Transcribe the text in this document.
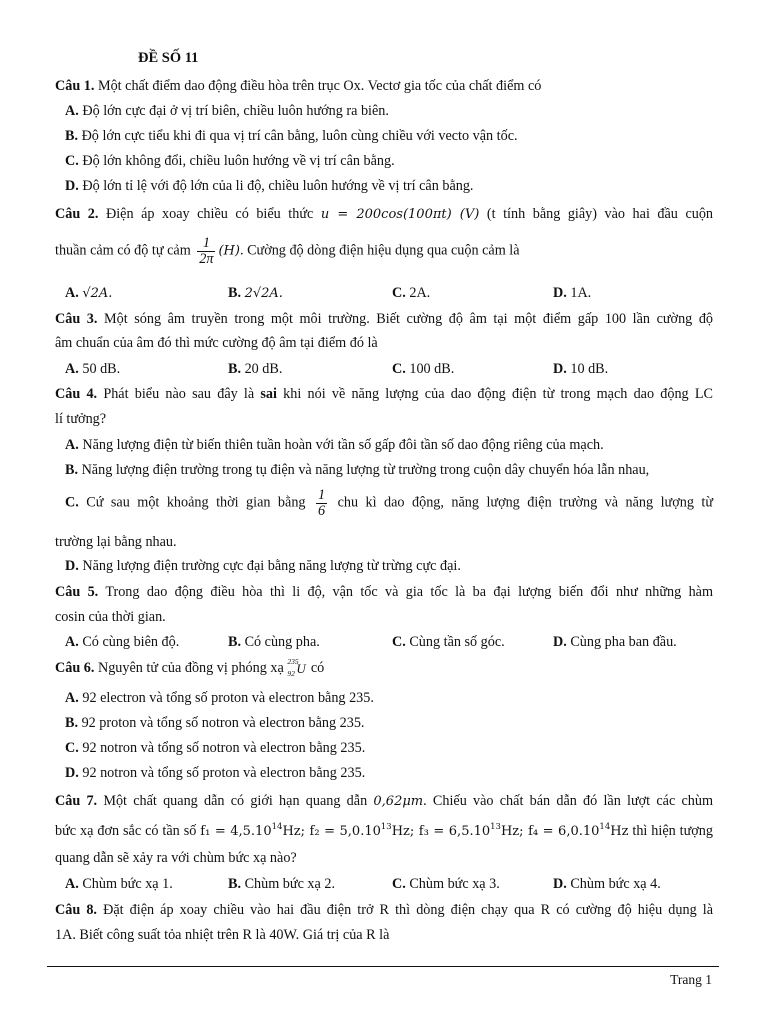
ĐỀ SỐ 11
Câu 1. Một chất điểm dao động điều hòa trên trục Ox. Vectơ gia tốc của chất điểm có
A. Độ lớn cực đại ở vị trí biên, chiều luôn hướng ra biên.
B. Độ lớn cực tiểu khi đi qua vị trí cân bằng, luôn cùng chiều với vecto vận tốc.
C. Độ lớn không đổi, chiều luôn hướng về vị trí cân bằng.
D. Độ lớn tỉ lệ với độ lớn của li độ, chiều luôn hướng về vị trí cân bằng.
Câu 2. Điện áp xoay chiều có biểu thức u = 200cos(100πt) (V) (t tính bằng giây) vào hai đầu cuộn
thuần cảm có độ tự cảm $\frac{1}{2\pi} (H)$. Cường độ dòng điện hiệu dụng qua cuộn cảm là
A. √2A.	B. 2√2A.	C. 2A.	D. 1A.
Câu 3. Một sóng âm truyền trong một môi trường. Biết cường độ âm tại một điểm gấp 100 lần cường độ
âm chuẩn của âm đó thì mức cường độ âm tại điểm đó là
A. 50 dB.	B. 20 dB.	C. 100 dB.	D. 10 dB.
Câu 4. Phát biểu nào sau đây là sai khi nói về năng lượng của dao động điện từ trong mạch dao động LC
lí tưởng?
A. Năng lượng điện từ biến thiên tuần hoàn với tần số gấp đôi tần số dao động riêng của mạch.
B. Năng lượng điện trường trong tụ điện và năng lượng từ trường trong cuộn dây chuyển hóa lẫn nhau,
C. Cứ sau một khoảng thời gian bằng $\frac{1}{6}$ chu kì dao động, năng lượng điện trường và năng lượng từ
trường lại bằng nhau.
D. Năng lượng điện trường cực đại bằng năng lượng từ trừng cực đại.
Câu 5. Trong dao động điều hòa thì li độ, vận tốc và gia tốc là ba đại lượng biến đổi như những hàm
cosin của thời gian.
A. Có cùng biên độ.	B. Có cùng pha.	C. Cùng tần số góc.	D. Cùng pha ban đầu.
Câu 6. Nguyên tử của đồng vị phóng xạ 235
92 U có
A. 92 electron và tổng số proton và electron bằng 235.
B. 92 proton và tổng số notron và electron bằng 235.
C. 92 notron và tổng số notron và electron bằng 235.
D. 92 notron và tổng số proton và electron bằng 235.
Câu 7. Một chất quang dẫn có giới hạn quang dẫn 0,62μm. Chiếu vào chất bán dẫn đó lần lượt các chùm
bức xạ đơn sắc có tần số $f_1 = 4,5.10^{14}Hz$; $f_2 = 5,0.10^{13}Hz$; $f_3 = 6,5.10^{13}Hz$; $f_4 = 6,0.10^{14}Hz$ thì hiện tượng
quang dẫn sẽ xảy ra với chùm bức xạ nào?
A. Chùm bức xạ 1.	B. Chùm bức xạ 2.	C. Chùm bức xạ 3.	D. Chùm bức xạ 4.
Câu 8. Đặt điện áp xoay chiều vào hai đầu điện trở R thì dòng điện chạy qua R có cường độ hiệu dụng là
1A. Biết công suất tỏa nhiệt trên R là 40W. Giá trị của R là
Trang 1
